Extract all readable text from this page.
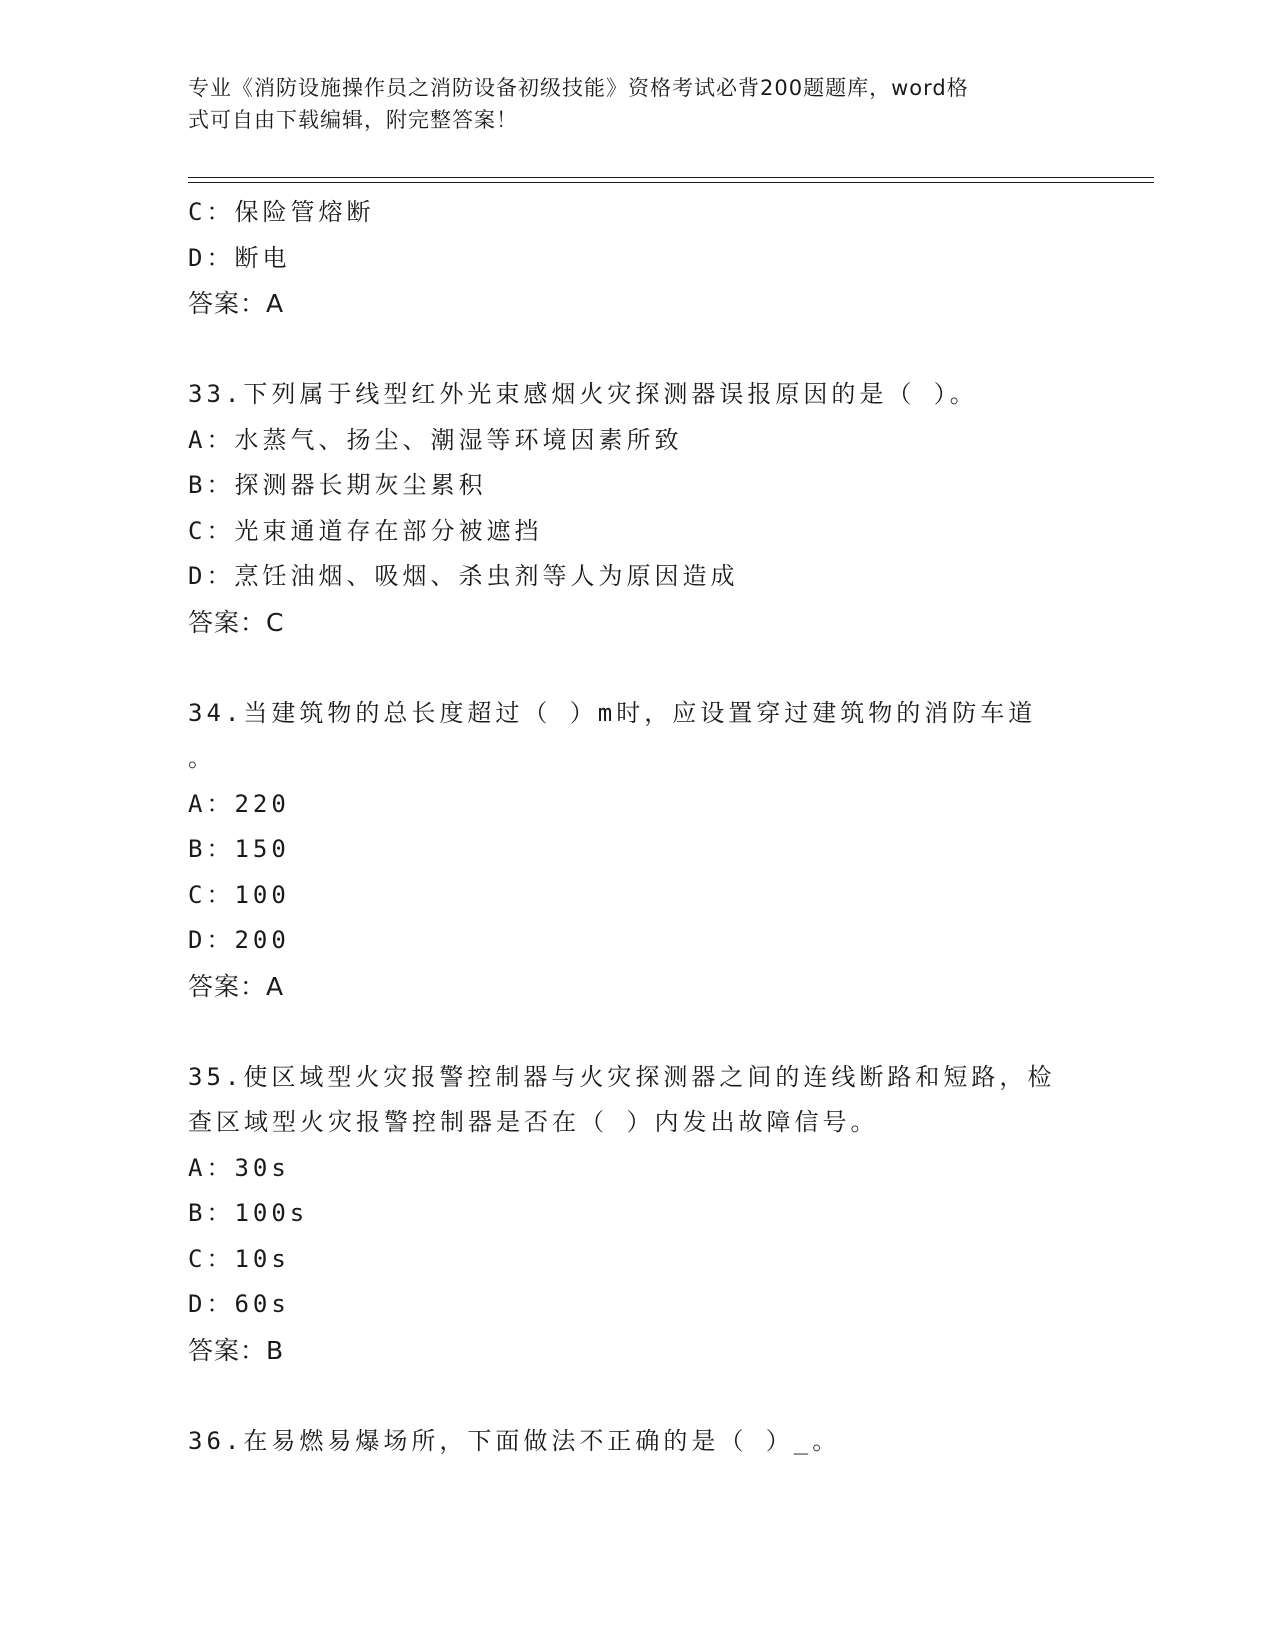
专业《消防设施操作员之消防设备初级技能》资格考试必背200题题库，word格
式可自由下载编辑，附完整答案！
C：保险管熔断
D：断电
答案：A
33.下列属于线型红外光束感烟火灾探测器误报原因的是（ ）。
A：水蒸气、扬尘、潮湿等环境因素所致
B：探测器长期灰尘累积
C：光束通道存在部分被遮挡
D：烹饪油烟、吸烟、杀虫剂等人为原因造成
答案：C
34.当建筑物的总长度超过（ ）m时，应设置穿过建筑物的消防车道
。
A：220
B：150
C：100
D：200
答案：A
35.使区域型火灾报警控制器与火灾探测器之间的连线断路和短路，检
查区域型火灾报警控制器是否在（ ）内发出故障信号。
A：30s
B：100s
C：10s
D：60s
答案：B
36.在易燃易爆场所，下面做法不正确的是（ ）_。
